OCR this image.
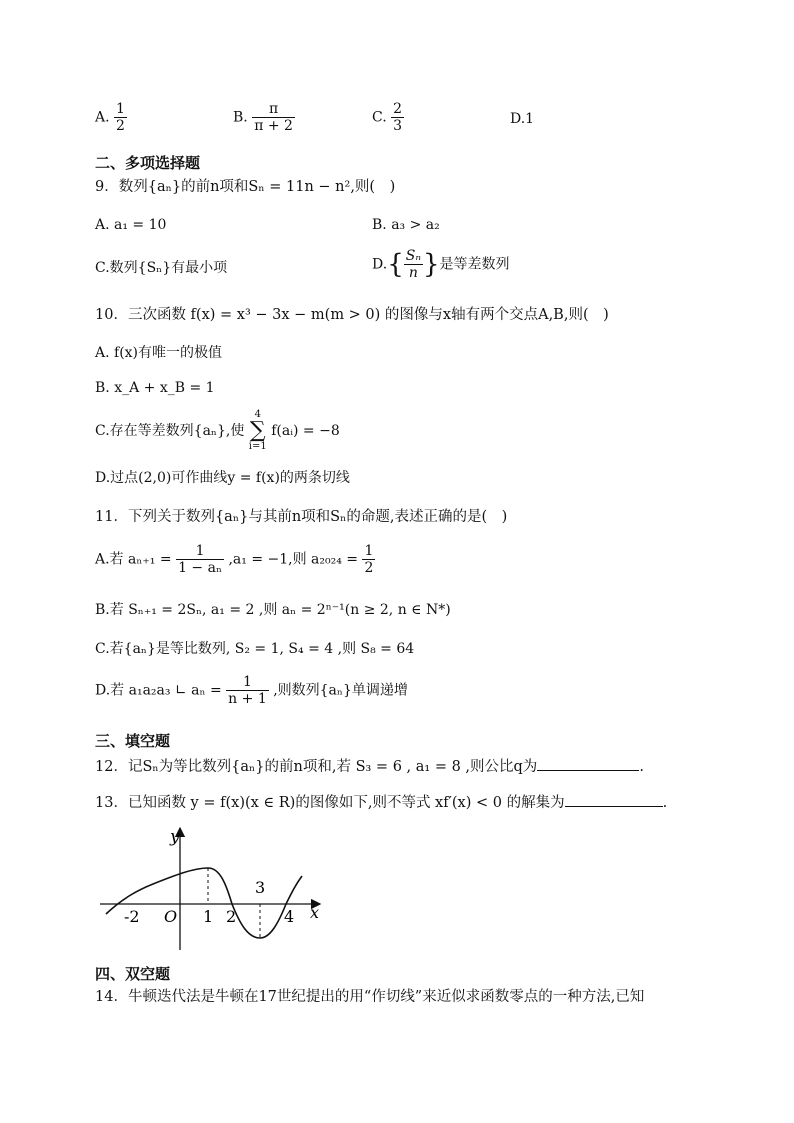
A. $\frac{1}{2}$	B. $\frac{\pi}{\pi + 2}$	C. $\frac{2}{3}$	D.1
二、多项选择题
9．数列{aₙ}的前n项和Sₙ = 11n − n²,则(　)
A. a₁ = 10	B. a₃ > a₂
C.数列{Sₙ}有最小项	$D.\{ \frac{\text{Sₙ}}{n}$ }是等差数列
10．三次函数 f(x) = x³ − 3x − m(m > 0) 的图像与x轴有两个交点A,B,则(　)
A. f(x)有唯一的极值
B. x_A + x_B = 1
C.存在等差数列{aₙ},使
4
∑
i=1
f(aᵢ) = −8
D.过点(2,0)可作曲线y = f(x)的两条切线
11．下列关于数列{aₙ}与其前n项和Sₙ的命题,表述正确的是(　)
A.若 $a_{n+1} = \frac{1}{\text{1 − aₙ}} ,a_1 = -1$,则 $a_{2024} = \frac{1}{2}$
B.若 Sₙ₊₁ = 2Sₙ, a₁ = 2 ,则 aₙ = 2ⁿ⁻¹(n ≥ 2, n ∈ N*)
C.若{aₙ}是等比数列, S₂ = 1, S₄ = 4 ,则 S₈ = 64
D.若 a₁a₂a₃ ∟ $a_n = \frac{1}{n + 1}$ ,则数列{aₙ}单调递增
三、填空题
12．记Sₙ为等比数列{aₙ}的前n项和,若 S₃ = 6 , a₁ = 8 ,则公比q为	.
13．已知函数 y = f(x)(x ∈ R)的图像如下,则不等式 xf′(x) < 0 的解集为	.
y
x
O
-2	1 2
3
4
四、双空题
14．牛顿迭代法是牛顿在17世纪提出的用“作切线”来近似求函数零点的一种方法,已知
